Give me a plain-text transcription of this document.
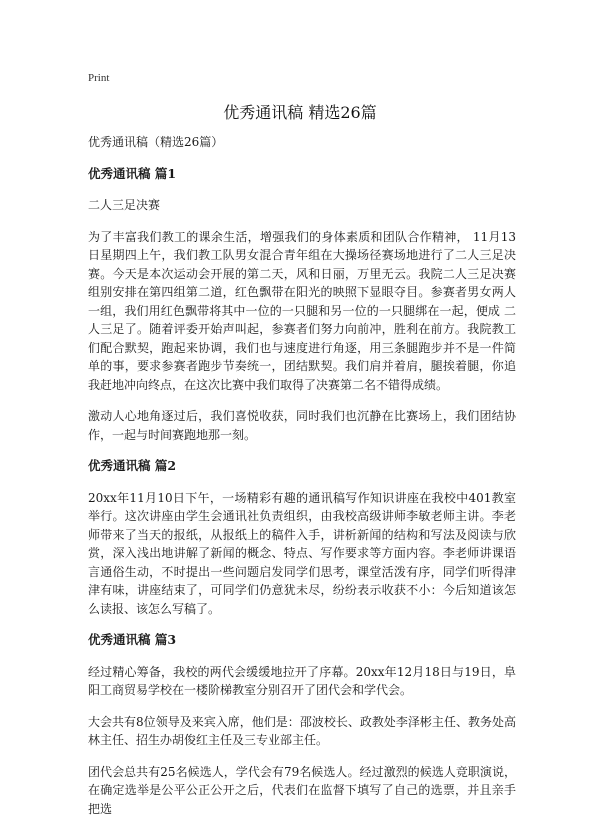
Print
优秀通讯稿 精选26篇

优秀通讯稿（精选26篇）

优秀通讯稿 篇1

二人三足决赛

为了丰富我们教工的课余生活，增强我们的身体素质和团队合作精神， 11月13日星期四上午，我们教工队男女混合青年组在大操场径赛场地进行了二人三足决赛。今天是本次运动会开展的第二天，风和日丽，万里无云。我院二人三足决赛组别安排在第四组第二道，红色飘带在阳光的映照下显眼夺目。参赛者男女两人一组，我们用红色飘带将其中一位的一只腿和另一位的一只腿绑在一起，便成 二人三足了。随着评委开始声叫起，参赛者们努力向前冲，胜利在前方。我院教工们配合默契，跑起来协调，我们也与速度进行角逐，用三条腿跑步并不是一件简单的事，要求参赛者跑步节奏统一，团结默契。我们肩并着肩，腿挨着腿，你追我赶地冲向终点，在这次比赛中我们取得了决赛第二名不错得成绩。

激动人心地角逐过后，我们喜悦收获，同时我们也沉静在比赛场上，我们团结协作，一起与时间赛跑地那一刻。

优秀通讯稿 篇2

20xx年11月10日下午，一场精彩有趣的通讯稿写作知识讲座在我校中401教室举行。这次讲座由学生会通讯社负责组织，由我校高级讲师李敏老师主讲。李老师带来了当天的报纸，从报纸上的稿件入手，讲析新闻的结构和写法及阅读与欣赏，深入浅出地讲解了新闻的概念、特点、写作要求等方面内容。李老师讲课语言通俗生动，不时提出一些问题启发同学们思考，课堂活泼有序，同学们听得津津有味，讲座结束了，可同学们仍意犹未尽，纷纷表示收获不小：今后知道该怎么读报、该怎么写稿了。

优秀通讯稿 篇3

经过精心筹备，我校的两代会缓缓地拉开了序幕。20xx年12月18日与19日，阜阳工商贸易学校在一楼阶梯教室分别召开了团代会和学代会。

大会共有8位领导及来宾入席，他们是：邵波校长、政教处李泽彬主任、教务处高林主任、招生办胡俊红主任及三专业部主任。

团代会总共有25名候选人，学代会有79名候选人。经过激烈的候选人竞职演说，在确定选举是公平公正公开之后，代表们在监督下填写了自己的选票，并且亲手把选
